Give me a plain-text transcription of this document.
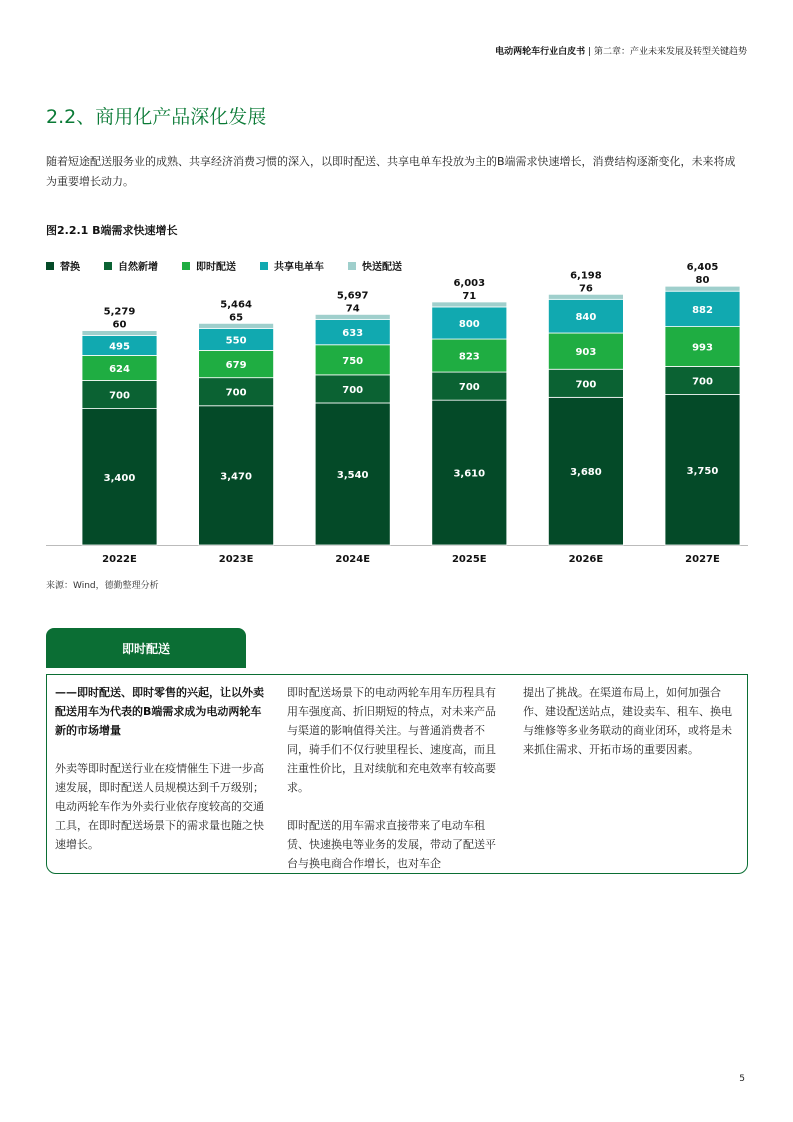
电动两轮车行业白皮书 | 第二章：产业未来发展及转型关键趋势
2.2、商用化产品深化发展

随着短途配送服务业的成熟、共享经济消费习惯的深入，以即时配送、共享电单车投放为主的B端需求快速增长，消费结构逐渐变化，未来将成为重要增长动力。

图2.2.1 B端需求快速增长
替换	自然新增	即时配送	共享电单车	快送配送
3,400
700
624
495
60
5,279
2022E
3,470
700
679
550
65
5,464
2023E
3,540
700
750
633
74
5,697
2024E
3,610
700
823
800
71
6,003
2025E
3,680
700
903
840
76
6,198
2026E
3,750
700
993
882
80
6,405
2027E
来源：Wind，德勤整理分析
即时配送

——即时配送、即时零售的兴起，让以外卖配送用车为代表的B端需求成为电动两轮车新的市场增量

外卖等即时配送行业在疫情催生下进一步高速发展，即时配送人员规模达到千万级别；电动两轮车作为外卖行业依存度较高的交通工具，在即时配送场景下的需求量也随之快速增长。

即时配送场景下的电动两轮车用车历程具有用车强度高、折旧期短的特点，对未来产品与渠道的影响值得关注。与普通消费者不同，骑手们不仅行驶里程长、速度高，而且注重性价比，且对续航和充电效率有较高要求。

即时配送的用车需求直接带来了电动车租赁、快速换电等业务的发展，带动了配送平台与换电商合作增长，也对车企

提出了挑战。在渠道布局上，如何加强合作、建设配送站点，建设卖车、租车、换电与维修等多业务联动的商业闭环，或将是未来抓住需求、开拓市场的重要因素。

5
